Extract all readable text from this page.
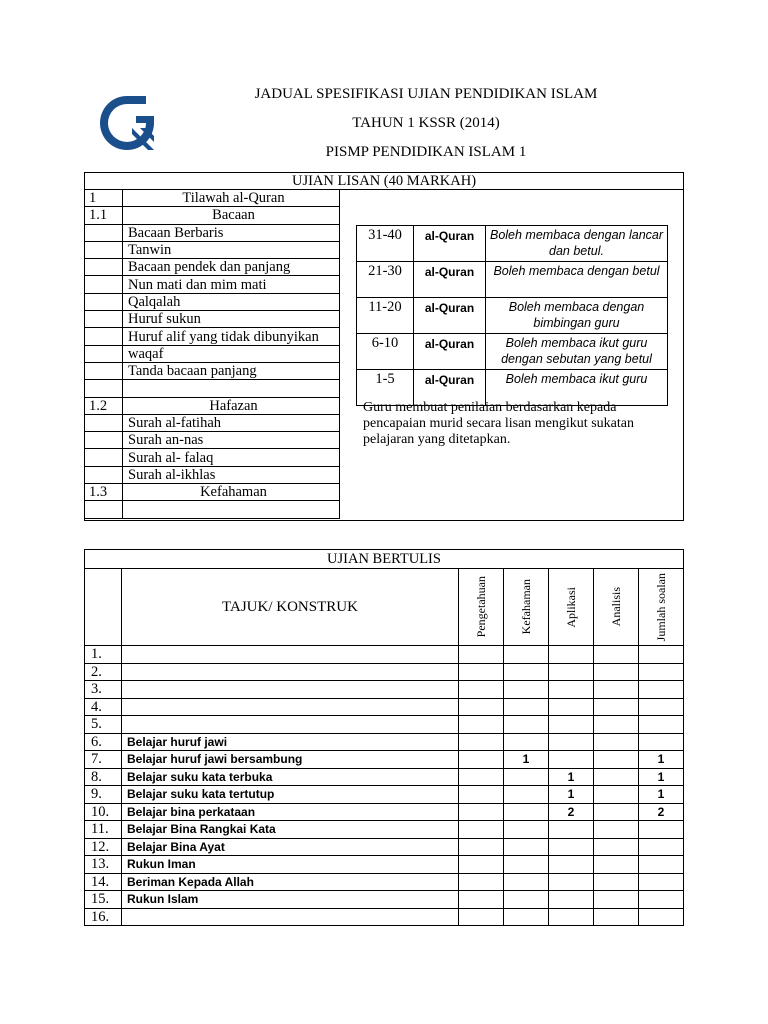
IPG
JADUAL SPESIFIKASI UJIAN PENDIDIKAN ISLAM
TAHUN 1 KSSR (2014)
PISMP PENDIDIKAN ISLAM 1
UJIAN LISAN (40 MARKAH)
1	Tilawah al-Quran
1.1	Bacaan
	Bacaan Berbaris
	Tanwin
	Bacaan pendek dan panjang
	Nun mati dan mim mati
	Qalqalah
	Huruf sukun
	Huruf alif yang tidak dibunyikan
	waqaf
	Tanda bacaan panjang

1.2	Hafazan
	Surah al-fatihah
	Surah an-nas
	Surah al- falaq
	Surah al-ikhlas
1.3	Kefahaman

31-40	al-Quran	Boleh membaca dengan lancar dan betul.
21-30	al-Quran	Boleh membaca dengan betul
11-20	al-Quran	Boleh membaca dengan bimbingan guru
6-10	al-Quran	Boleh membaca ikut guru dengan sebutan yang betul
1-5	al-Quran	Boleh membaca ikut guru
Guru membuat penilaian berdasarkan kepada pencapaian murid secara lisan mengikut sukatan pelajaran yang ditetapkan.
UJIAN BERTULIS						
	TAJUK/ KONSTRUK	Pengetahuan	Kefahaman	Aplikasi	Analisis	Jumlah soalan

1.						
2.						
3.						
4.						
5.						
6.	Belajar huruf jawi					
7.	Belajar huruf jawi bersambung		1			1
8.	Belajar suku kata terbuka			1		1
9.	Belajar suku kata tertutup			1		1
10.	Belajar bina perkataan			2		2
11.	Belajar Bina Rangkai Kata					
12.	Belajar Bina Ayat					
13.	Rukun Iman					
14.	Beriman Kepada Allah					
15.	Rukun Islam					
16.						
